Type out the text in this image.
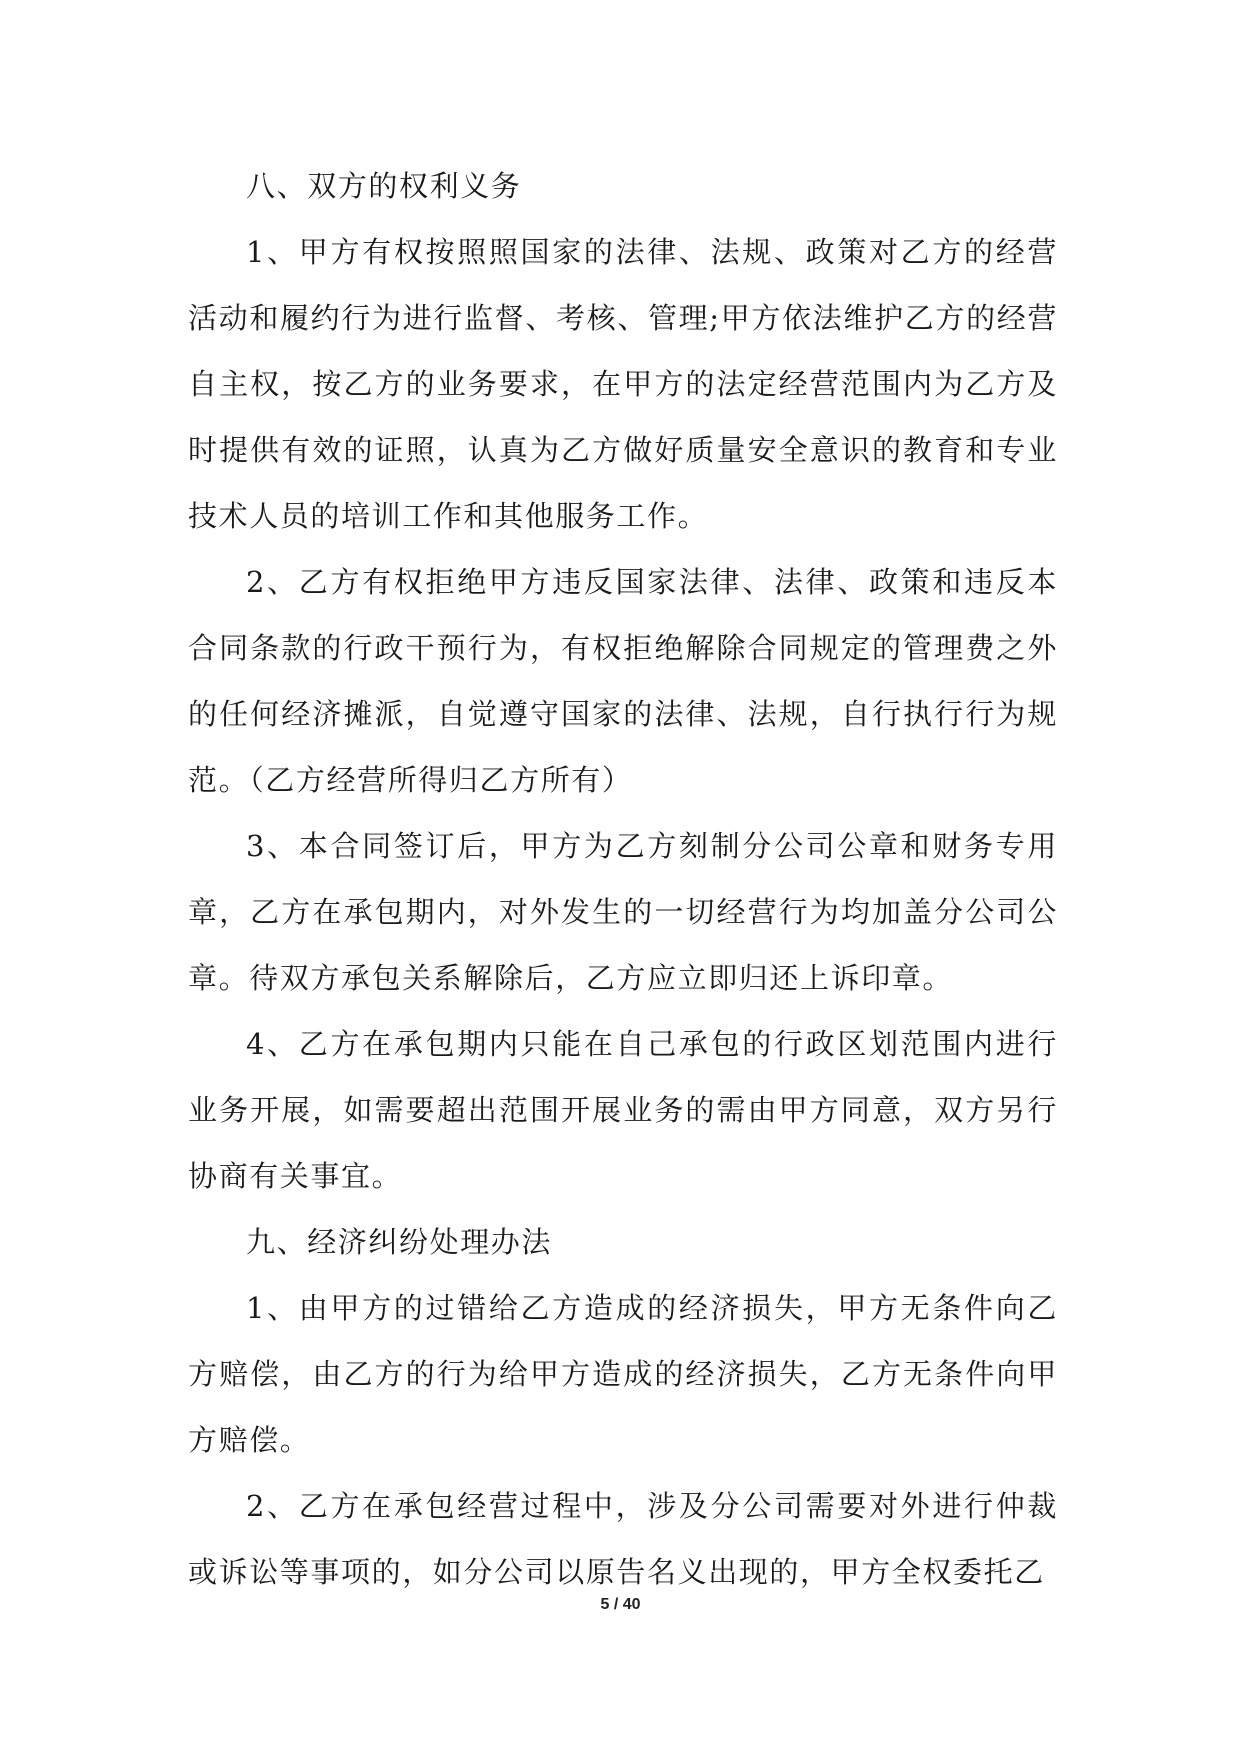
八、双方的权利义务

1、甲方有权按照照国家的法律、法规、政策对乙方的经营活动和履约行为进行监督、考核、管理;甲方依法维护乙方的经营自主权，按乙方的业务要求，在甲方的法定经营范围内为乙方及时提供有效的证照，认真为乙方做好质量安全意识的教育和专业技术人员的培训工作和其他服务工作。

2、乙方有权拒绝甲方违反国家法律、法律、政策和违反本合同条款的行政干预行为，有权拒绝解除合同规定的管理费之外的任何经济摊派，自觉遵守国家的法律、法规，自行执行行为规范。（乙方经营所得归乙方所有）

3、本合同签订后，甲方为乙方刻制分公司公章和财务专用章，乙方在承包期内，对外发生的一切经营行为均加盖分公司公章。待双方承包关系解除后，乙方应立即归还上诉印章。

4、乙方在承包期内只能在自己承包的行政区划范围内进行业务开展，如需要超出范围开展业务的需由甲方同意，双方另行协商有关事宜。

九、经济纠纷处理办法

1、由甲方的过错给乙方造成的经济损失，甲方无条件向乙方赔偿，由乙方的行为给甲方造成的经济损失，乙方无条件向甲方赔偿。

2、乙方在承包经营过程中，涉及分公司需要对外进行仲裁或诉讼等事项的，如分公司以原告名义出现的，甲方全权委托乙

5 / 40
